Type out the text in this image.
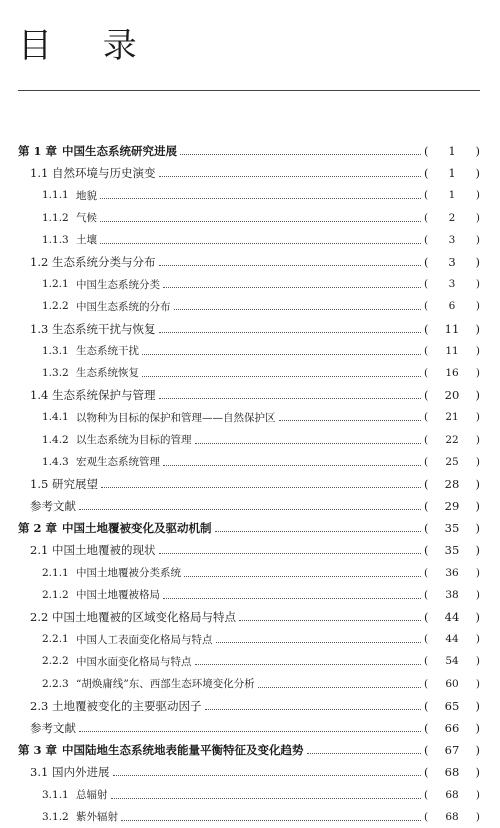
目 录
第 1 章 中国生态系统研究进展	(	1	)
1.1 自然环境与历史演变	(	1	)
1.1.1 地貌	(	1	)
1.1.2 气候	(	2	)
1.1.3 土壤	(	3	)
1.2 生态系统分类与分布	(	3	)
1.2.1 中国生态系统分类	(	3	)
1.2.2 中国生态系统的分布	(	6	)
1.3 生态系统干扰与恢复	(	11	)
1.3.1 生态系统干扰	(	11	)
1.3.2 生态系统恢复	(	16	)
1.4 生态系统保护与管理	(	20	)
1.4.1 以物种为目标的保护和管理——自然保护区	(	21	)
1.4.2 以生态系统为目标的管理	(	22	)
1.4.3 宏观生态系统管理	(	25	)
1.5 研究展望	(	28	)
参考文献	(	29	)
第 2 章 中国土地覆被变化及驱动机制	(	35	)
2.1 中国土地覆被的现状	(	35	)
2.1.1 中国土地覆被分类系统	(	36	)
2.1.2 中国土地覆被格局	(	38	)
2.2 中国土地覆被的区域变化格局与特点	(	44	)
2.2.1 中国人工表面变化格局与特点	(	44	)
2.2.2 中国水面变化格局与特点	(	54	)
2.2.3 “胡焕庸线”东、西部生态环境变化分析	(	60	)
2.3 土地覆被变化的主要驱动因子	(	65	)
参考文献	(	66	)
第 3 章 中国陆地生态系统地表能量平衡特征及变化趋势	(	67	)
3.1 国内外进展	(	68	)
3.1.1 总辐射	(	68	)
3.1.2 紫外辐射	(	68	)
